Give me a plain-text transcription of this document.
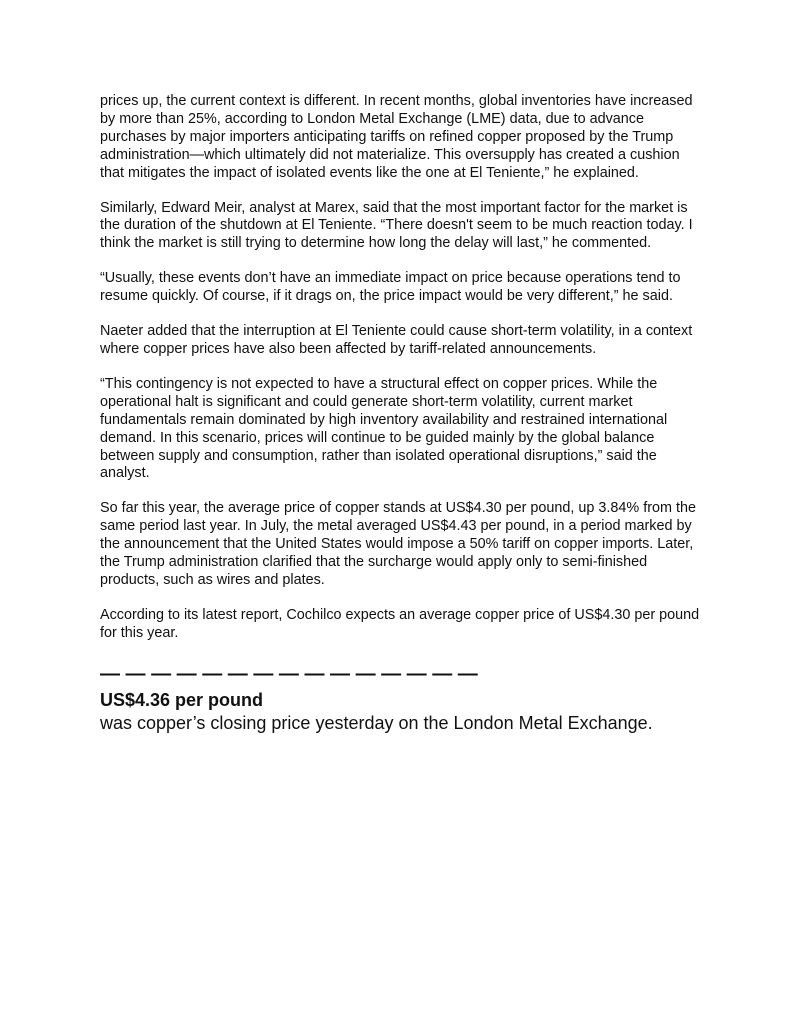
prices up, the current context is different. In recent months, global inventories have increased by more than 25%, according to London Metal Exchange (LME) data, due to advance purchases by major importers anticipating tariffs on refined copper proposed by the Trump administration—which ultimately did not materialize. This oversupply has created a cushion that mitigates the impact of isolated events like the one at El Teniente,” he explained.

Similarly, Edward Meir, analyst at Marex, said that the most important factor for the market is the duration of the shutdown at El Teniente. “There doesn't seem to be much reaction today. I think the market is still trying to determine how long the delay will last,” he commented.

“Usually, these events don’t have an immediate impact on price because operations tend to resume quickly. Of course, if it drags on, the price impact would be very different,” he said.

Naeter added that the interruption at El Teniente could cause short-term volatility, in a context where copper prices have also been affected by tariff-related announcements.

“This contingency is not expected to have a structural effect on copper prices. While the operational halt is significant and could generate short-term volatility, current market fundamentals remain dominated by high inventory availability and restrained international demand. In this scenario, prices will continue to be guided mainly by the global balance between supply and consumption, rather than isolated operational disruptions,” said the analyst.

So far this year, the average price of copper stands at US$4.30 per pound, up 3.84% from the same period last year. In July, the metal averaged US$4.43 per pound, in a period marked by the announcement that the United States would impose a 50% tariff on copper imports. Later, the Trump administration clarified that the surcharge would apply only to semi-finished products, such as wires and plates.

According to its latest report, Cochilco expects an average copper price of US$4.30 per pound for this year.

— — — — — — — — — — — — — — —
US$4.36 per pound
was copper’s closing price yesterday on the London Metal Exchange.
